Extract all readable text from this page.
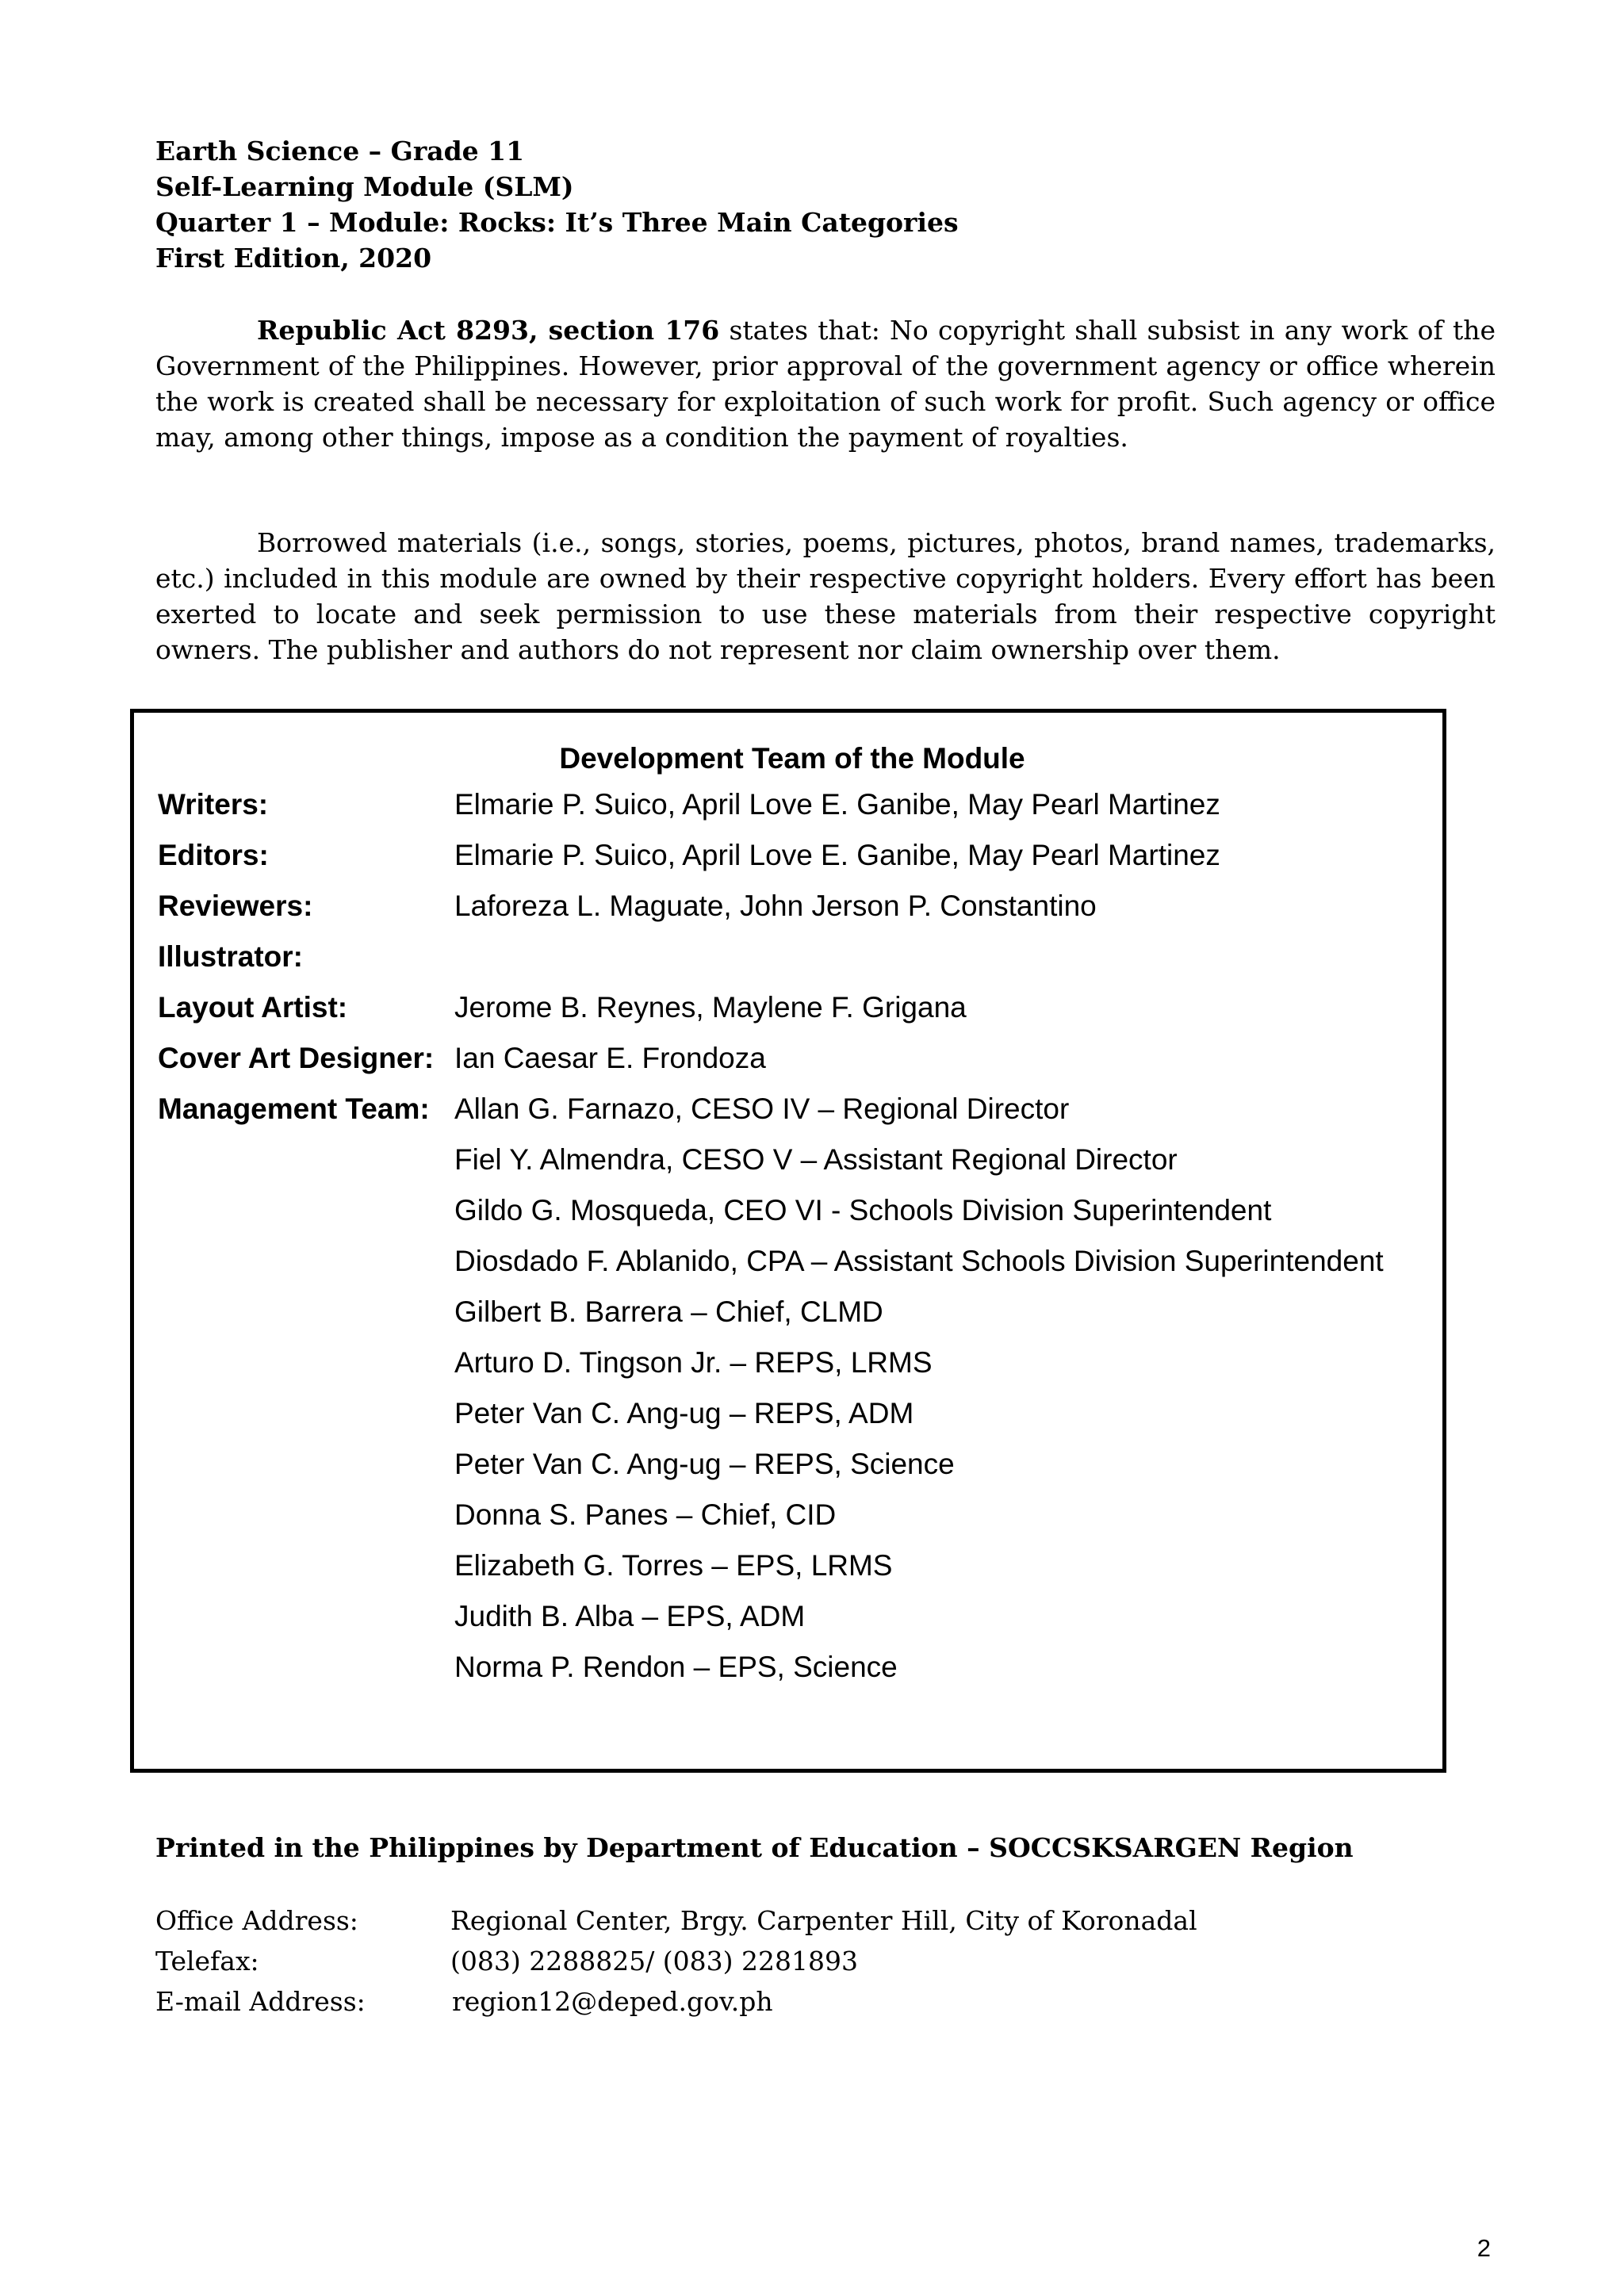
Earth Science – Grade 11
Self-Learning Module (SLM)
Quarter 1 – Module: Rocks: It’s Three Main Categories
First Edition, 2020
Republic Act 8293, section 176 states that: No copyright shall subsist in any work of the Government of the Philippines. However, prior approval of the government agency or office wherein the work is created shall be necessary for exploitation of such work for profit. Such agency or office may, among other things, impose as a condition the payment of royalties.
Borrowed materials (i.e., songs, stories, poems, pictures, photos, brand names, trademarks, etc.) included in this module are owned by their respective copyright holders. Every effort has been exerted to locate and seek permission to use these materials from their respective copyright owners. The publisher and authors do not represent nor claim ownership over them.
Development Team of the Module
Writers:	Elmarie P. Suico, April Love E. Ganibe, May Pearl Martinez
Editors:	Elmarie P. Suico, April Love E. Ganibe, May Pearl Martinez
Reviewers:	Laforeza L. Maguate, John Jerson P. Constantino
Illustrator:
Layout Artist:	Jerome B. Reynes, Maylene F. Grigana
Cover Art Designer: Ian Caesar E. Frondoza
Management Team: Allan G. Farnazo, CESO IV – Regional Director
Fiel Y. Almendra, CESO V – Assistant Regional Director
Gildo G. Mosqueda, CEO VI - Schools Division Superintendent
Diosdado F. Ablanido, CPA – Assistant Schools Division Superintendent
Gilbert B. Barrera – Chief, CLMD
Arturo D. Tingson Jr. – REPS, LRMS
Peter Van C. Ang-ug – REPS, ADM
Peter Van C. Ang-ug – REPS, Science
Donna S. Panes – Chief, CID
Elizabeth G. Torres – EPS, LRMS
Judith B. Alba – EPS, ADM
Norma P. Rendon – EPS, Science
Printed in the Philippines by Department of Education – SOCCSKSARGEN Region
Office Address:	Regional Center, Brgy. Carpenter Hill, City of Koronadal
Telefax:	(083) 2288825/ (083) 2281893
E-mail Address:	region12@deped.gov.ph
2
